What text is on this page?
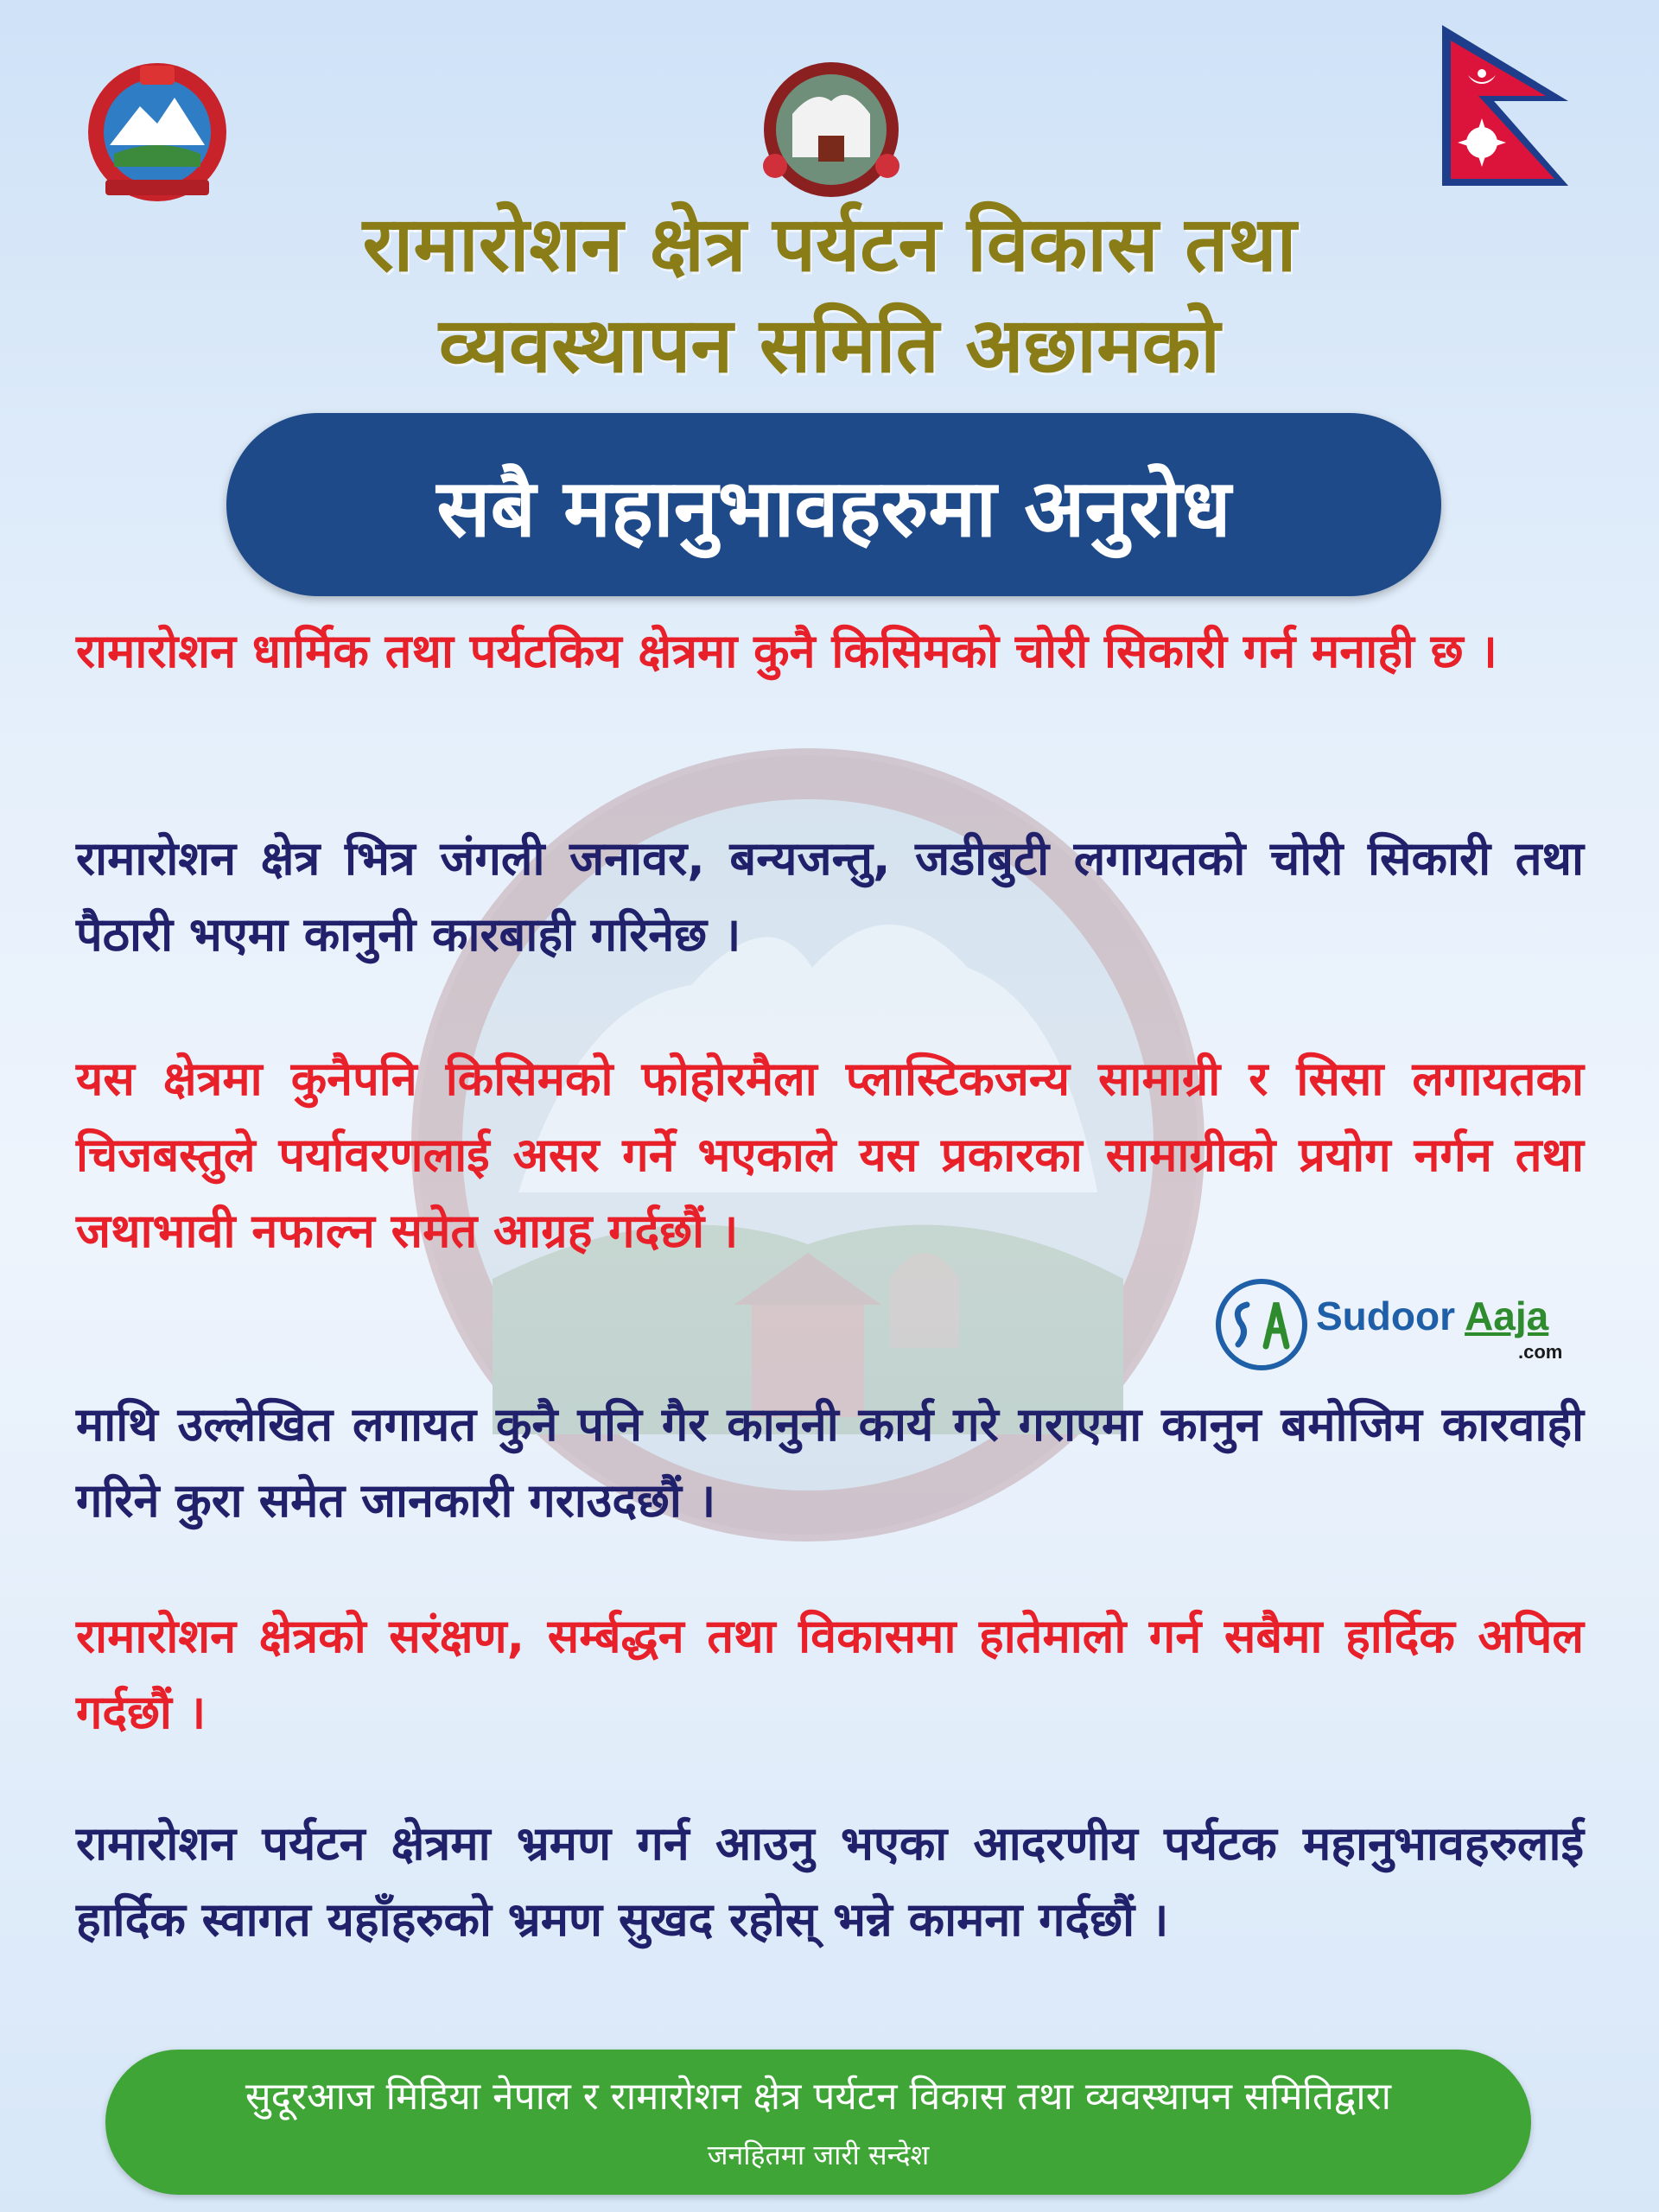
रामारोशन क्षेत्र पर्यटन विकास तथा
व्यवस्थापन समिति अछामको
सबै महानुभावहरुमा अनुरोध
रामारोशन धार्मिक तथा पर्यटकिय क्षेत्रमा कुनै किसिमको चोरी सिकारी गर्न मनाही छ ।
रामारोशन क्षेत्र भित्र जंगली जनावर, बन्यजन्तु, जडीबुटी लगायतको चोरी सिकारी तथा पैठारी भएमा कानुनी कारबाही गरिनेछ ।
यस क्षेत्रमा कुनैपनि किसिमको फोहोरमैला प्लास्टिकजन्य सामाग्री र सिसा लगायतका चिजबस्तुले पर्यावरणलाई असर गर्ने भएकाले यस प्रकारका सामाग्रीको प्रयोग नर्गन तथा जथाभावी नफाल्न समेत आग्रह गर्दछौं ।
माथि उल्लेखित लगायत कुनै पनि गैर कानुनी कार्य गरे गराएमा कानुन बमोजिम कारवाही गरिने कुरा समेत जानकारी गराउदछौं ।
रामारोशन क्षेत्रको सरंक्षण, सर्म्बद्धन तथा विकासमा हातेमालो गर्न सबैमा हार्दिक अपिल गर्दछौं ।
रामारोशन पर्यटन क्षेत्रमा भ्रमण गर्न आउनु भएका आदरणीय पर्यटक महानुभावहरुलाई हार्दिक स्वागत यहाँहरुको भ्रमण सुखद रहोस् भन्ने कामना गर्दछौं ।
Sudoor Aaja
.com
सुदूरआज मिडिया नेपाल र रामारोशन क्षेत्र पर्यटन विकास तथा व्यवस्थापन समितिद्वारा
जनहितमा जारी सन्देश
